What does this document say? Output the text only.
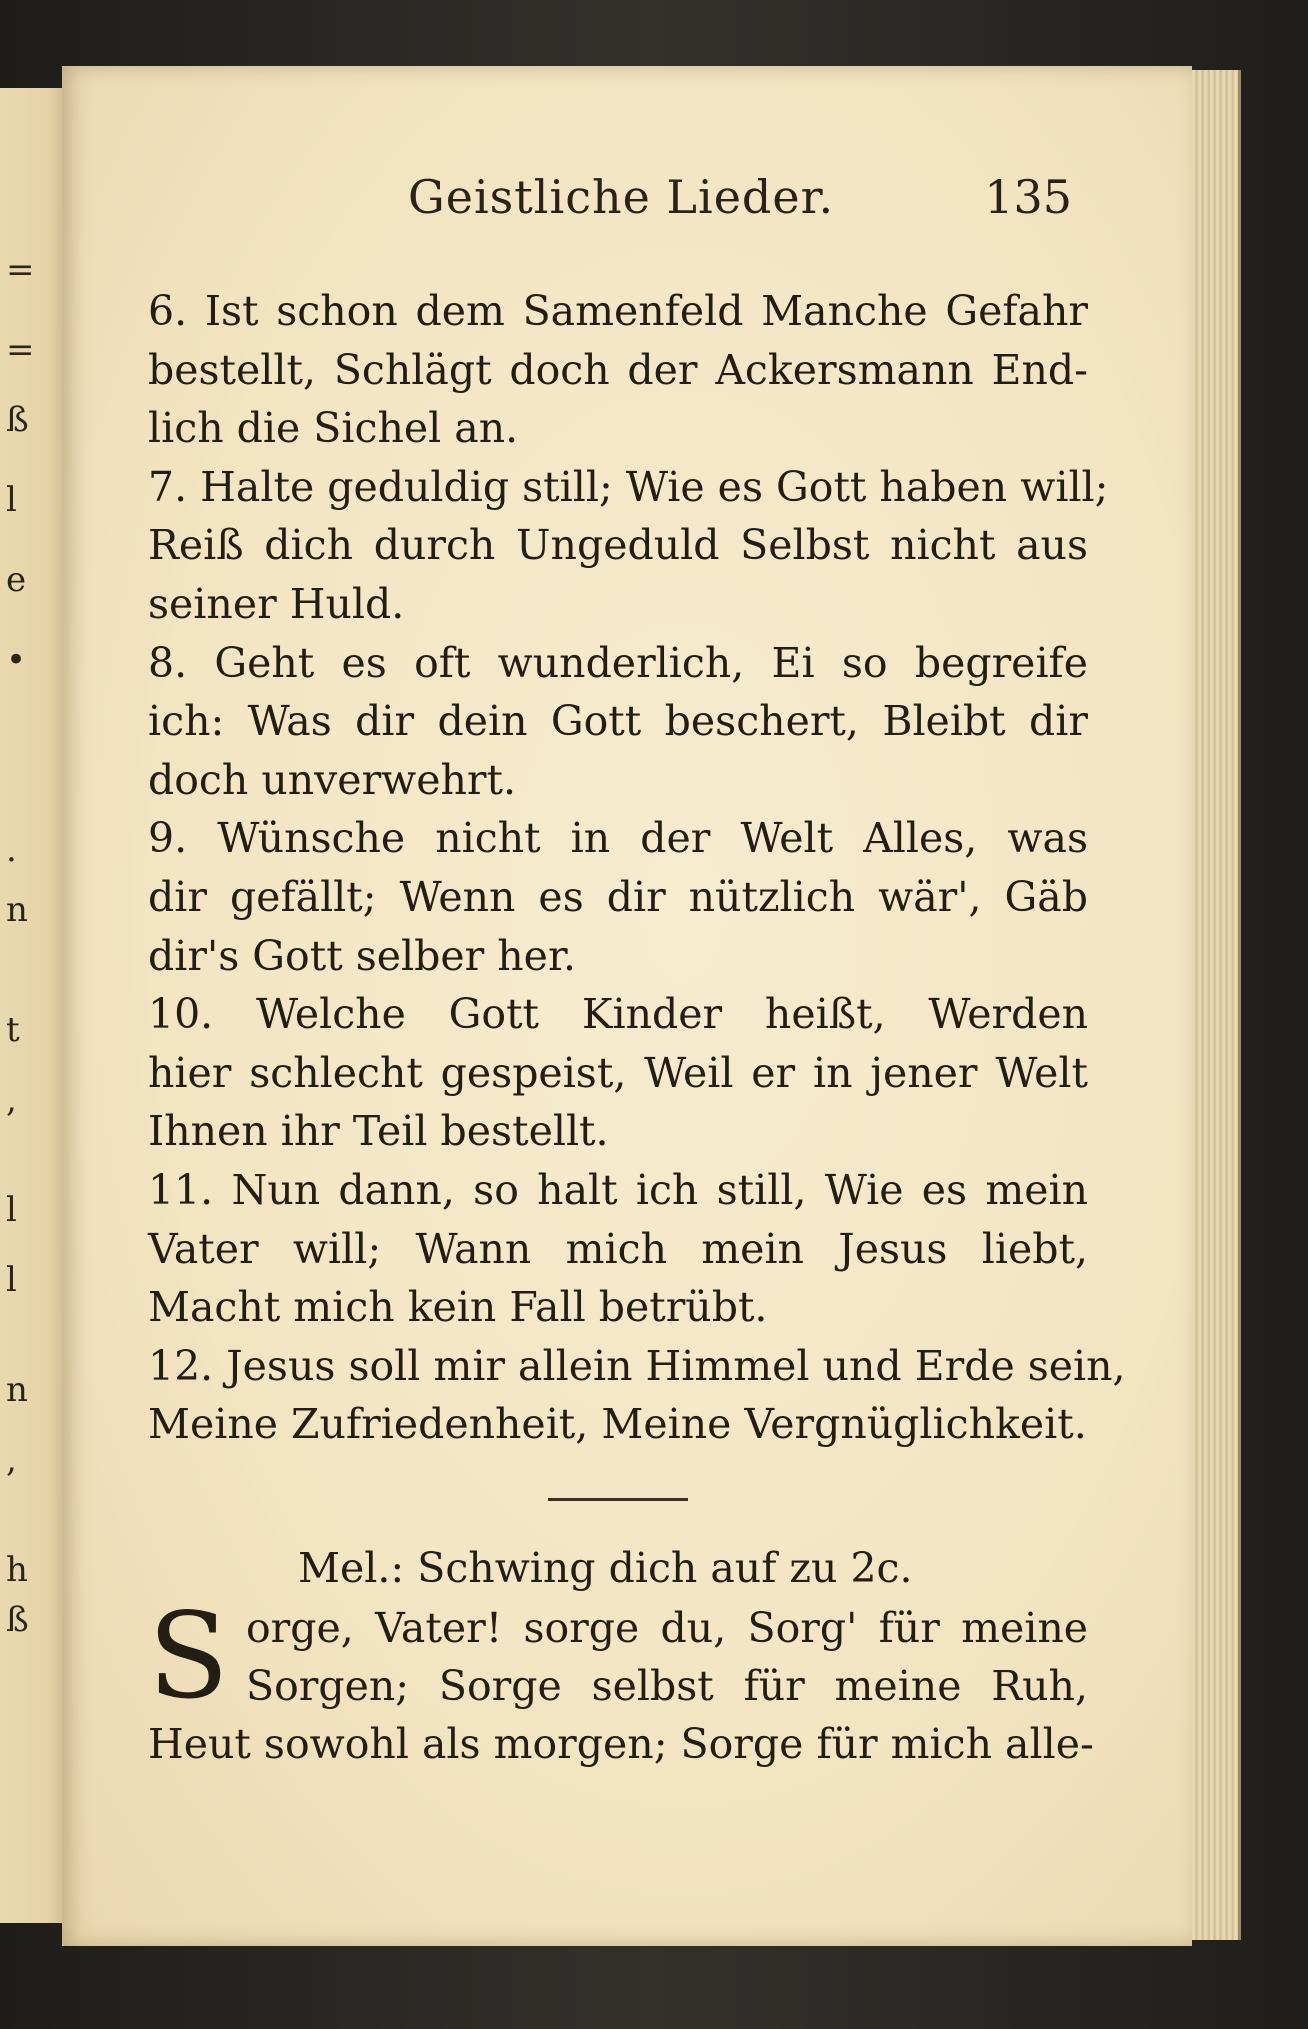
=
=
ß
l
e
•
.
n
t
,
l
l
n
,
h
ß
Geistliche Lieder.	135
6. Ist schon dem Samenfeld Manche Gefahr
bestellt, Schlägt doch der Ackersmann End-
lich die Sichel an.
7. Halte geduldig still; Wie es Gott haben will;
Reiß dich durch Ungeduld Selbst nicht aus
seiner Huld.
8. Geht es oft wunderlich, Ei so begreife
ich: Was dir dein Gott beschert, Bleibt dir
doch unverwehrt.
9. Wünsche nicht in der Welt Alles, was
dir gefällt; Wenn es dir nützlich wär', Gäb
dir's Gott selber her.
10. Welche Gott Kinder heißt, Werden
hier schlecht gespeist, Weil er in jener Welt
Ihnen ihr Teil bestellt.
11. Nun dann, so halt ich still, Wie es mein
Vater will; Wann mich mein Jesus liebt,
Macht mich kein Fall betrübt.
12. Jesus soll mir allein Himmel und Erde sein,
Meine Zufriedenheit, Meine Vergnüglichkeit.
Mel.: Schwing dich auf zu 2c.
S orge, Vater! sorge du, Sorg' für meine
Sorgen; Sorge selbst für meine Ruh,
Heut sowohl als morgen; Sorge für mich alle-
